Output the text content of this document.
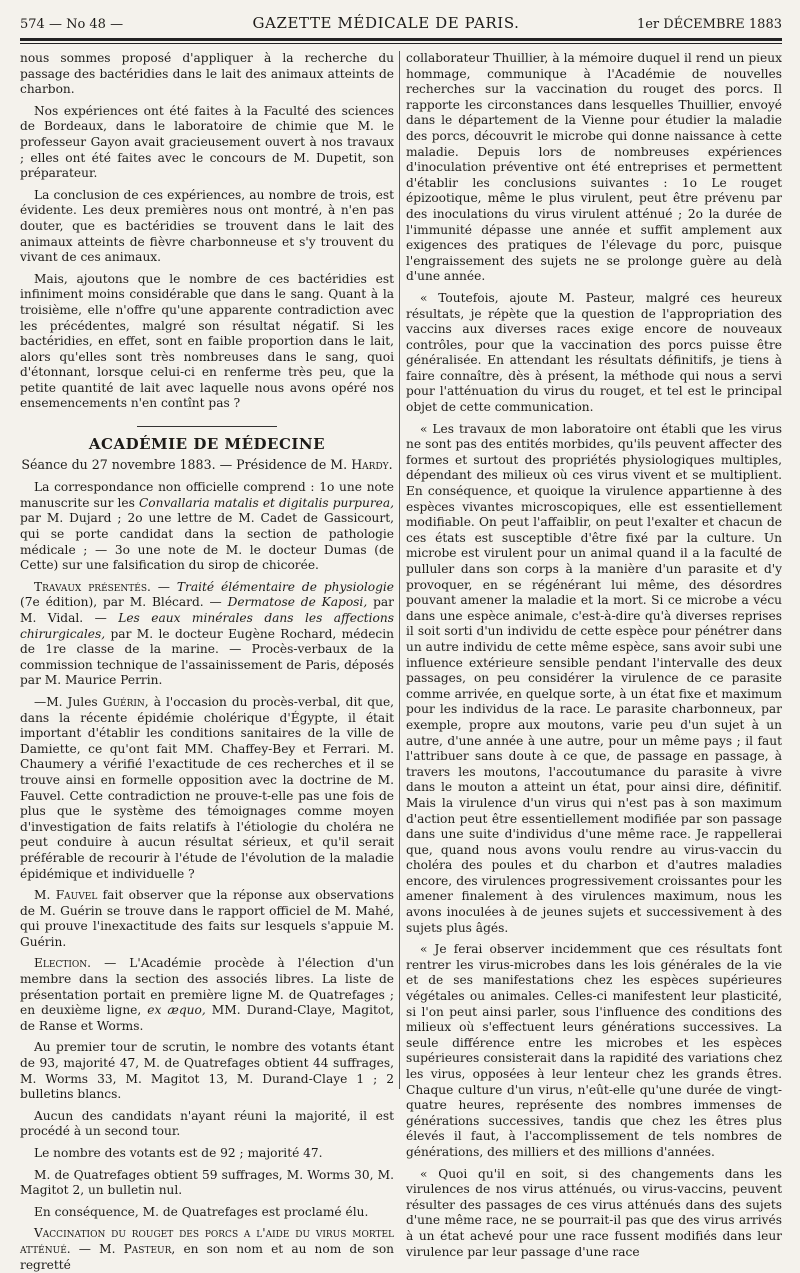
574 — No 48 —	GAZETTE MÉDICALE DE PARIS.	1er DÉCEMBRE 1883

nous sommes proposé d'appliquer à la recherche du passage des bactéridies dans le lait des animaux atteints de charbon.

Nos expériences ont été faites à la Faculté des sciences de Bordeaux, dans le laboratoire de chimie que M. le professeur Gayon avait gracieusement ouvert à nos travaux ; elles ont été faites avec le concours de M. Dupetit, son préparateur.

La conclusion de ces expériences, au nombre de trois, est évidente. Les deux premières nous ont montré, à n'en pas douter, que es bactéridies se trouvent dans le lait des animaux atteints de fièvre charbonneuse et s'y trouvent du vivant de ces animaux.

Mais, ajoutons que le nombre de ces bactéridies est infiniment moins considérable que dans le sang. Quant à la troisième, elle n'offre qu'une apparente contradiction avec les précédentes, malgré son résultat négatif. Si les bactéridies, en effet, sont en faible proportion dans le lait, alors qu'elles sont très nombreuses dans le sang, quoi d'étonnant, lorsque celui-ci en renferme très peu, que la petite quantité de lait avec laquelle nous avons opéré nos ensemencements n'en contînt pas ?

ACADÉMIE DE MÉDECINE
Séance du 27 novembre 1883. — Présidence de M. Hardy.

La correspondance non officielle comprend : 1o une note manuscrite sur les Convallaria matalis et digitalis purpurea, par M. Dujard ; 2o une lettre de M. Cadet de Gassicourt, qui se porte candidat dans la section de pathologie médicale ; — 3o une note de M. le docteur Dumas (de Cette) sur une falsification du sirop de chicorée.

Travaux présentés. — Traité élémentaire de physiologie (7e édition), par M. Blécard. — Dermatose de Kaposi, par M. Vidal. — Les eaux minérales dans les affections chirurgicales, par M. le docteur Eugène Rochard, médecin de 1re classe de la marine. — Procès-verbaux de la commission technique de l'assainissement de Paris, déposés par M. Maurice Perrin.

—M. Jules Guérin, à l'occasion du procès-verbal, dit que, dans la récente épidémie cholérique d'Égypte, il était important d'établir les conditions sanitaires de la ville de Damiette, ce qu'ont fait MM. Chaffey-Bey et Ferrari. M. Chaumery a vérifié l'exactitude de ces recherches et il se trouve ainsi en formelle opposition avec la doctrine de M. Fauvel. Cette contradiction ne prouve-t-elle pas une fois de plus que le système des témoignages comme moyen d'investigation de faits relatifs à l'étiologie du choléra ne peut conduire à aucun résultat sérieux, et qu'il serait préférable de recourir à l'étude de l'évolution de la maladie épidémique et individuelle ?

M. Fauvel fait observer que la réponse aux observations de M. Guérin se trouve dans le rapport officiel de M. Mahé, qui prouve l'inexactitude des faits sur lesquels s'appuie M. Guérin.

Election. — L'Académie procède à l'élection d'un membre dans la section des associés libres. La liste de présentation portait en première ligne M. de Quatrefages ; en deuxième ligne, ex æquo, MM. Durand-Claye, Magitot, de Ranse et Worms.

Au premier tour de scrutin, le nombre des votants étant de 93, majorité 47, M. de Quatrefages obtient 44 suffrages, M. Worms 33, M. Magitot 13, M. Durand-Claye 1 ; 2 bulletins blancs.

Aucun des candidats n'ayant réuni la majorité, il est procédé à un second tour.

Le nombre des votants est de 92 ; majorité 47.

M. de Quatrefages obtient 59 suffrages, M. Worms 30, M. Magitot 2, un bulletin nul.

En conséquence, M. de Quatrefages est proclamé élu.

Vaccination du rouget des porcs a l'aide du virus mortel atténué. — M. Pasteur, en son nom et au nom de son regretté

collaborateur Thuillier, à la mémoire duquel il rend un pieux hommage, communique à l'Académie de nouvelles recherches sur la vaccination du rouget des porcs. Il rapporte les circonstances dans lesquelles Thuillier, envoyé dans le département de la Vienne pour étudier la maladie des porcs, découvrit le microbe qui donne naissance à cette maladie. Depuis lors de nombreuses expériences d'inoculation préventive ont été entreprises et permettent d'établir les conclusions suivantes : 1o Le rouget épizootique, même le plus virulent, peut être prévenu par des inoculations du virus virulent atténué ; 2o la durée de l'immunité dépasse une année et suffit amplement aux exigences des pratiques de l'élevage du porc, puisque l'engraissement des sujets ne se prolonge guère au delà d'une année.

« Toutefois, ajoute M. Pasteur, malgré ces heureux résultats, je répète que la question de l'appropriation des vaccins aux diverses races exige encore de nouveaux contrôles, pour que la vaccination des porcs puisse être généralisée. En attendant les résultats définitifs, je tiens à faire connaître, dès à présent, la méthode qui nous a servi pour l'atténuation du virus du rouget, et tel est le principal objet de cette communication.

« Les travaux de mon laboratoire ont établi que les virus ne sont pas des entités morbides, qu'ils peuvent affecter des formes et surtout des propriétés physiologiques multiples, dépendant des milieux où ces virus vivent et se multiplient. En conséquence, et quoique la virulence appartienne à des espèces vivantes microscopiques, elle est essentiellement modifiable. On peut l'affaiblir, on peut l'exalter et chacun de ces états est susceptible d'être fixé par la culture. Un microbe est virulent pour un animal quand il a la faculté de pulluler dans son corps à la manière d'un parasite et d'y provoquer, en se régénérant lui même, des désordres pouvant amener la maladie et la mort. Si ce microbe a vécu dans une espèce animale, c'est-à-dire qu'à diverses reprises il soit sorti d'un individu de cette espèce pour pénétrer dans un autre individu de cette même espèce, sans avoir subi une influence extérieure sensible pendant l'intervalle des deux passages, on peu considérer la virulence de ce parasite comme arrivée, en quelque sorte, à un état fixe et maximum pour les individus de la race. Le parasite charbonneux, par exemple, propre aux moutons, varie peu d'un sujet à un autre, d'une année à une autre, pour un même pays ; il faut l'attribuer sans doute à ce que, de passage en passage, à travers les moutons, l'accoutumance du parasite à vivre dans le mouton a atteint un état, pour ainsi dire, définitif. Mais la virulence d'un virus qui n'est pas à son maximum d'action peut être essentiellement modifiée par son passage dans une suite d'individus d'une même race. Je rappellerai que, quand nous avons voulu rendre au virus-vaccin du choléra des poules et du charbon et d'autres maladies encore, des virulences progressivement croissantes pour les amener finalement à des virulences maximum, nous les avons inoculées à de jeunes sujets et successivement à des sujets plus âgés.

« Je ferai observer incidemment que ces résultats font rentrer les virus-microbes dans les lois générales de la vie et de ses manifestations chez les espèces supérieures végétales ou animales. Celles-ci manifestent leur plasticité, si l'on peut ainsi parler, sous l'influence des conditions des milieux où s'effectuent leurs générations successives. La seule différence entre les microbes et les espèces supérieures consisterait dans la rapidité des variations chez les virus, opposées à leur lenteur chez les grands êtres. Chaque culture d'un virus, n'eût-elle qu'une durée de vingt-quatre heures, représente des nombres immenses de générations successives, tandis que chez les êtres plus élevés il faut, à l'accomplissement de tels nombres de générations, des milliers et des millions d'années.

« Quoi qu'il en soit, si des changements dans les virulences de nos virus atténués, ou virus-vaccins, peuvent résulter des passages de ces virus atténués dans des sujets d'une même race, ne se pourrait-il pas que des virus arrivés à un état achevé pour une race fussent modifiés dans leur virulence par leur passage d'une race
